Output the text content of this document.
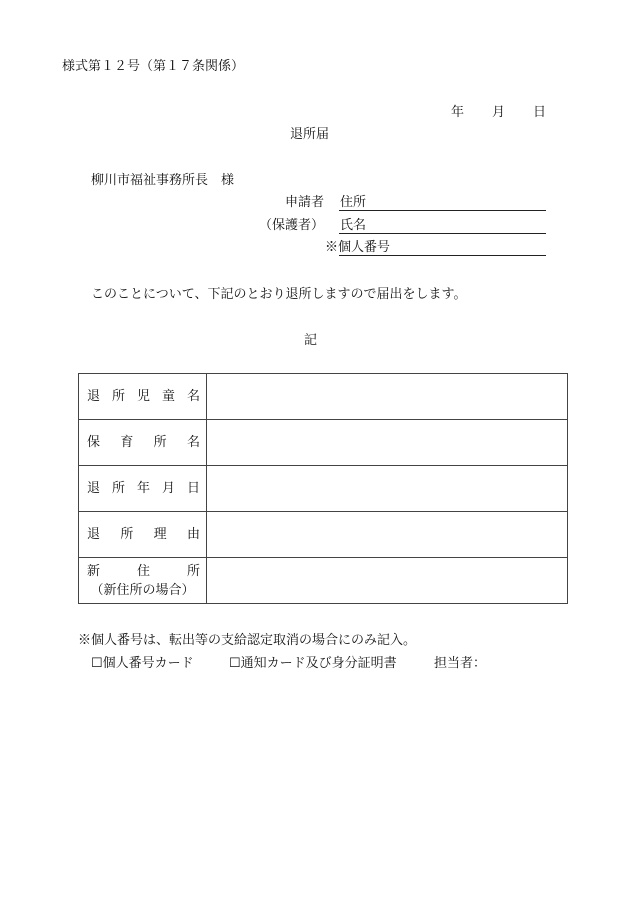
様式第１２号（第１７条関係）
年 月 日
退所届
柳川市福祉事務所長　様
申請者 住所
（保護者） 氏名
※個人番号
このことについて、下記のとおり退所しますので届出をします。
記
退 所 児 童 名	

保 育 所 名	

退 所 年 月 日	

退 所 理 由	

新 住 所
（新住所の場合）	

※個人番号は、転出等の支給認定取消の場合にのみ記入。
☐個人番号カード	☐通知カード及び身分証明書	担当者：
